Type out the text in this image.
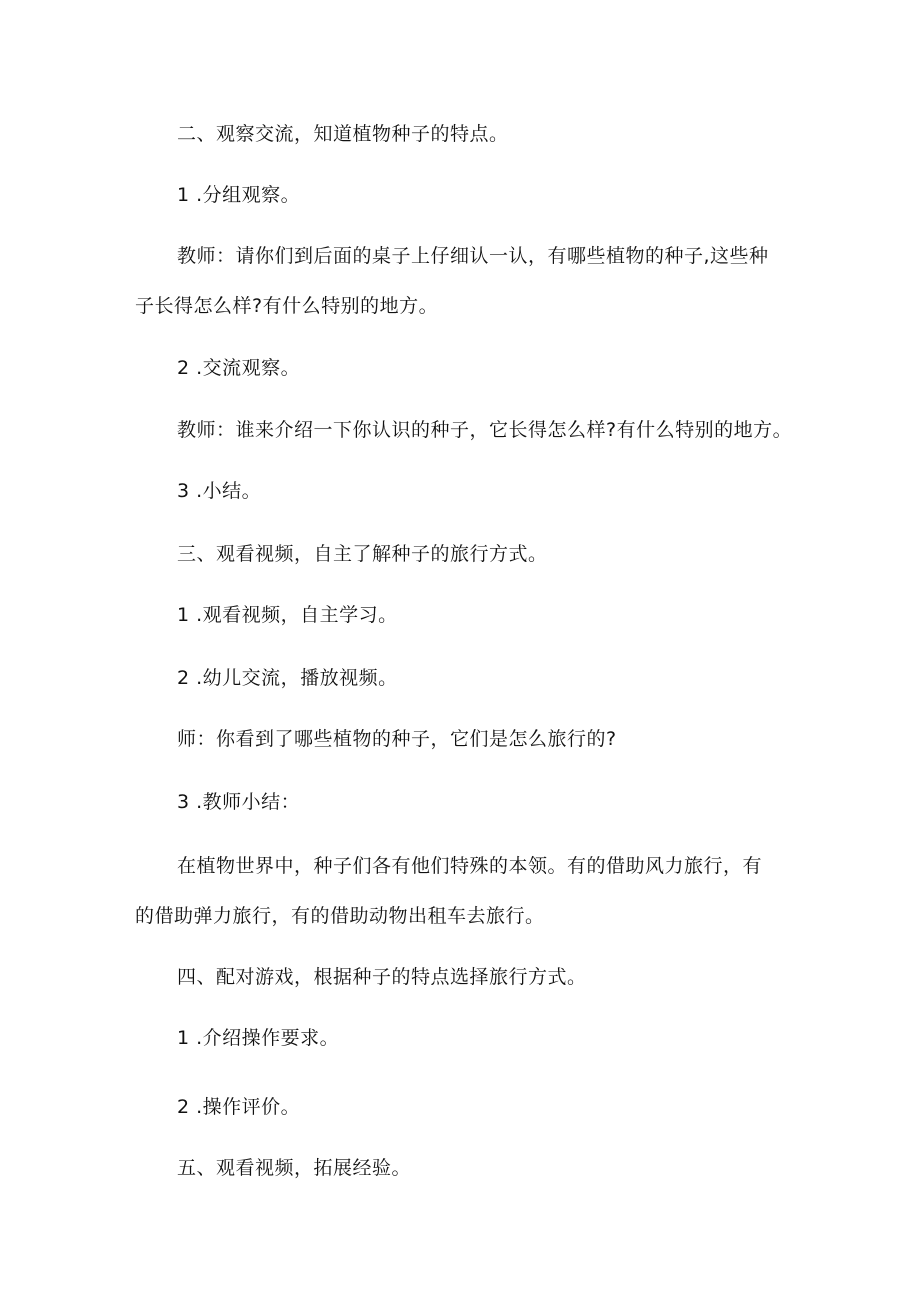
二、观察交流，知道植物种子的特点。
1 .分组观察。
教师：请你们到后面的桌子上仔细认一认，有哪些植物的种子,这些种
子长得怎么样?有什么特别的地方。
2 .交流观察。
教师：谁来介绍一下你认识的种子，它长得怎么样?有什么特别的地方。
3 .小结。
三、观看视频，自主了解种子的旅行方式。
1 .观看视频，自主学习。
2 .幼儿交流，播放视频。
师：你看到了哪些植物的种子，它们是怎么旅行的?
3 .教师小结：
在植物世界中，种子们各有他们特殊的本领。有的借助风力旅行，有
的借助弹力旅行，有的借助动物出租车去旅行。
四、配对游戏，根据种子的特点选择旅行方式。
1 .介绍操作要求。
2 .操作评价。
五、观看视频，拓展经验。
